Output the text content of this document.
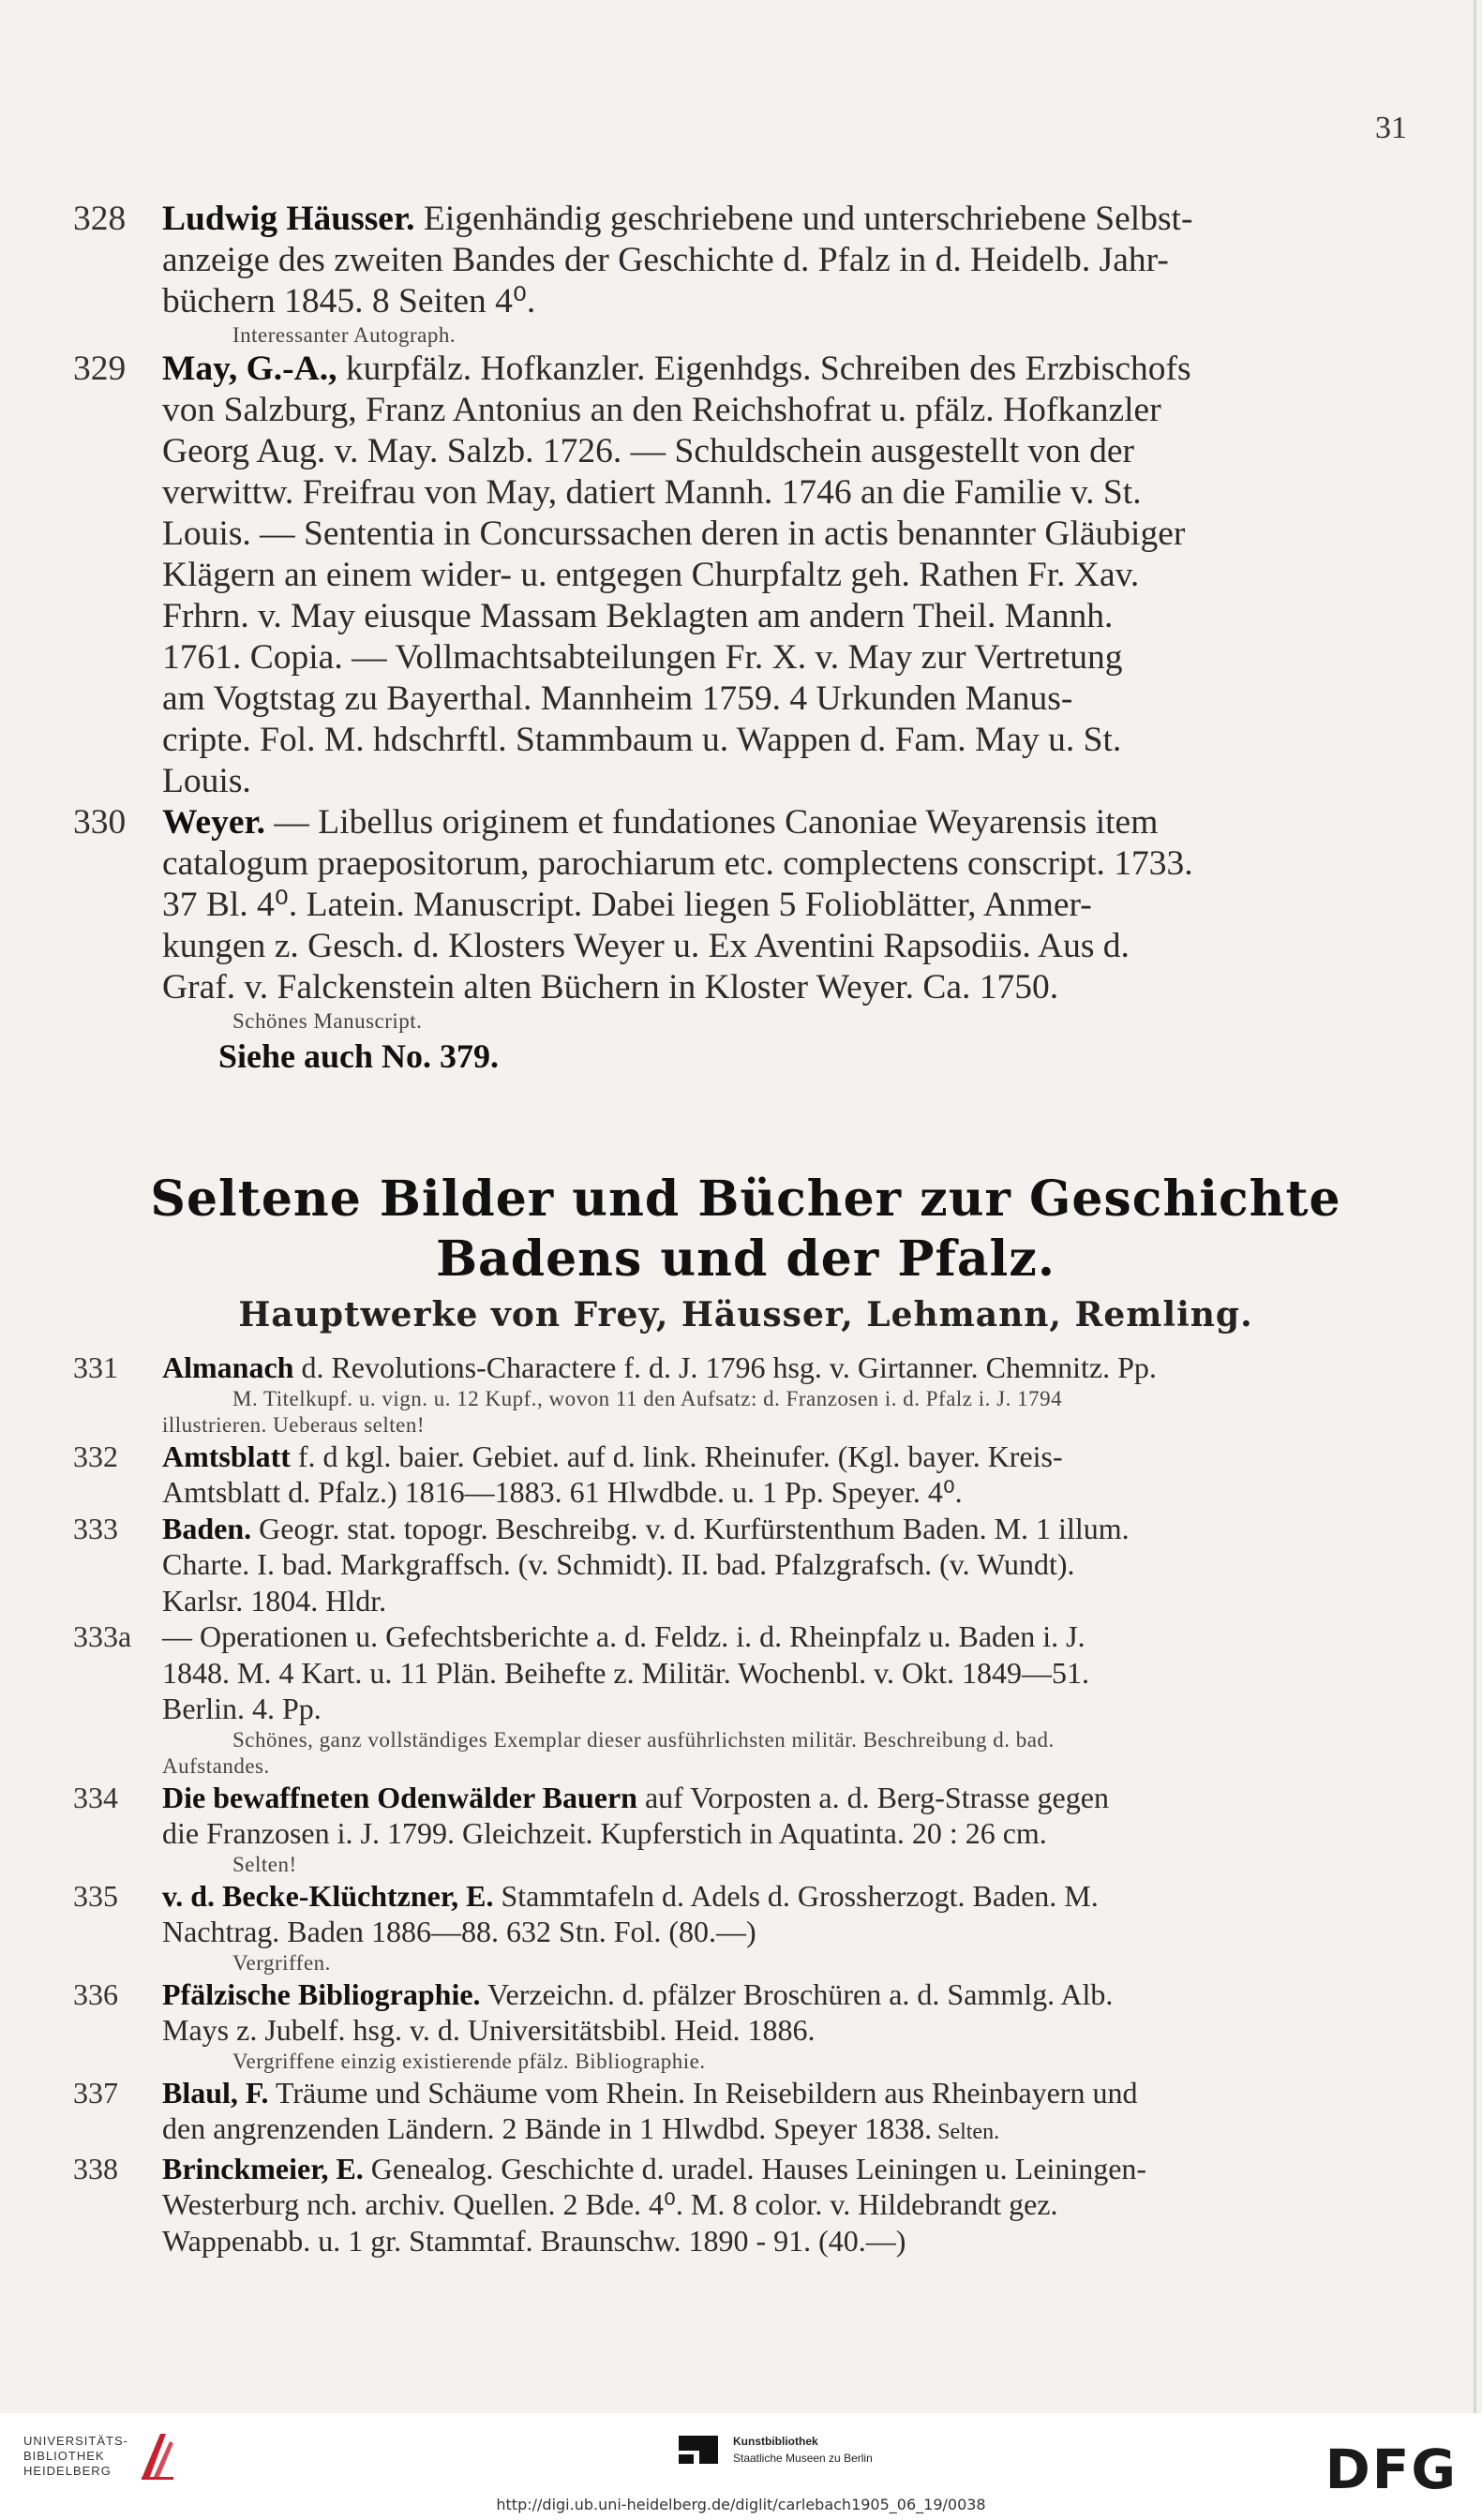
31
328 Ludwig Häusser. Eigenhändig geschriebene und unterschriebene Selbst-
anzeige des zweiten Bandes der Geschichte d. Pfalz in d. Heidelb. Jahr-
büchern 1845. 8 Seiten 4⁰.
Interessanter Autograph.
329 May, G.-A., kurpfälz. Hofkanzler. Eigenhdgs. Schreiben des Erzbischofs
von Salzburg, Franz Antonius an den Reichshofrat u. pfälz. Hofkanzler
Georg Aug. v. May. Salzb. 1726. — Schuldschein ausgestellt von der
verwittw. Freifrau von May, datiert Mannh. 1746 an die Familie v. St.
Louis. — Sententia in Concurssachen deren in actis benannter Gläubiger
Klägern an einem wider- u. entgegen Churpfaltz geh. Rathen Fr. Xav.
Frhrn. v. May eiusque Massam Beklagten am andern Theil. Mannh.
1761. Copia. — Vollmachtsabteilungen Fr. X. v. May zur Vertretung
am Vogtstag zu Bayerthal. Mannheim 1759. 4 Urkunden Manus-
cripte. Fol. M. hdschrftl. Stammbaum u. Wappen d. Fam. May u. St.
Louis.
330 Weyer. — Libellus originem et fundationes Canoniae Weyarensis item
catalogum praepositorum, parochiarum etc. complectens conscript. 1733.
37 Bl. 4⁰. Latein. Manuscript. Dabei liegen 5 Folioblätter, Anmer-
kungen z. Gesch. d. Klosters Weyer u. Ex Aventini Rapsodiis. Aus d.
Graf. v. Falckenstein alten Büchern in Kloster Weyer. Ca. 1750.
Schönes Manuscript.
Siehe auch No. 379.
Seltene Bilder und Bücher zur Geschichte
Badens und der Pfalz.
Hauptwerke von Frey, Häusser, Lehmann, Remling.
331 Almanach d. Revolutions-Charactere f. d. J. 1796 hsg. v. Girtanner. Chemnitz. Pp.
M. Titelkupf. u. vign. u. 12 Kupf., wovon 11 den Aufsatz: d. Franzosen i. d. Pfalz i. J. 1794
illustrieren. Ueberaus selten!
332 Amtsblatt f. d kgl. baier. Gebiet. auf d. link. Rheinufer. (Kgl. bayer. Kreis-
Amtsblatt d. Pfalz.) 1816—1883. 61 Hlwdbde. u. 1 Pp. Speyer. 4⁰.
333 Baden. Geogr. stat. topogr. Beschreibg. v. d. Kurfürstenthum Baden. M. 1 illum.
Charte. I. bad. Markgraffsch. (v. Schmidt). II. bad. Pfalzgrafsch. (v. Wundt).
Karlsr. 1804. Hldr.
333a — Operationen u. Gefechtsberichte a. d. Feldz. i. d. Rheinpfalz u. Baden i. J.
1848. M. 4 Kart. u. 11 Plän. Beihefte z. Militär. Wochenbl. v. Okt. 1849—51.
Berlin. 4. Pp.
Schönes, ganz vollständiges Exemplar dieser ausführlichsten militär. Beschreibung d. bad.
Aufstandes.
334 Die bewaffneten Odenwälder Bauern auf Vorposten a. d. Berg-Strasse gegen
die Franzosen i. J. 1799. Gleichzeit. Kupferstich in Aquatinta. 20 : 26 cm.
Selten!
335 v. d. Becke-Klüchtzner, E. Stammtafeln d. Adels d. Grossherzogt. Baden. M.
Nachtrag. Baden 1886—88. 632 Stn. Fol. (80.—)
Vergriffen.
336 Pfälzische Bibliographie. Verzeichn. d. pfälzer Broschüren a. d. Sammlg. Alb.
Mays z. Jubelf. hsg. v. d. Universitätsbibl. Heid. 1886.
Vergriffene einzig existierende pfälz. Bibliographie.
337 Blaul, F. Träume und Schäume vom Rhein. In Reisebildern aus Rheinbayern und
den angrenzenden Ländern. 2 Bände in 1 Hlwdbd. Speyer 1838. Selten.
338 Brinckmeier, E. Genealog. Geschichte d. uradel. Hauses Leiningen u. Leiningen-
Westerburg nch. archiv. Quellen. 2 Bde. 4⁰. M. 8 color. v. Hildebrandt gez.
Wappenabb. u. 1 gr. Stammtaf. Braunschw. 1890 - 91. (40.—)
UNIVERSITÄTS-
BIBLIOTHEK
HEIDELBERG
Kunstbibliothek
Staatliche Museen zu Berlin	DFG
http://digi.ub.uni-heidelberg.de/diglit/carlebach1905_06_19/0038
